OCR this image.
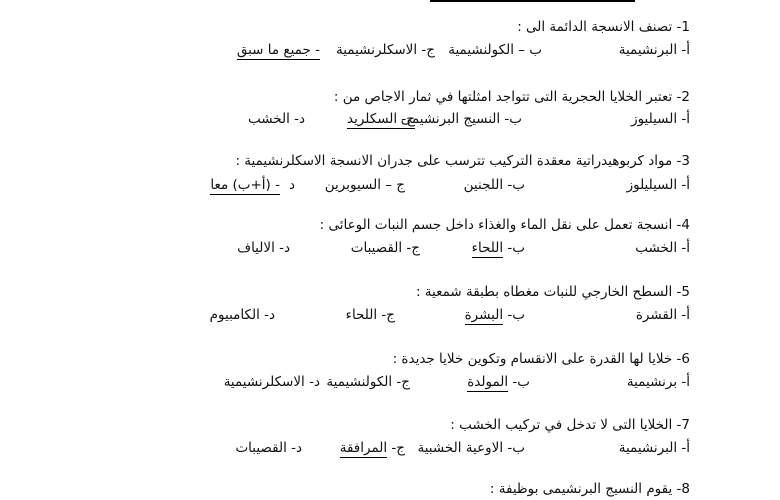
1- تصنف الانسجة الدائمة الى :
أ- البرنشيمية
ب – الكولنشيمية
ج- الاسكلرنشيمية
- جميع ما سبق
2- تعتبر الخلايا الحجرية التى تتواجد امثلتها في ثمار الاجاص من :
أ- السيليوز
ب- النسيج البرنشيمى
ج- السكلريد
د- الخشب
3- مواد كربوهيدراتية معقدة التركيب تترسب على جدران الانسجة الاسكلرنشيمية :
أ- السيليلوز
ب- اللجنين
ج – السيوبرين
د
- (أ+ب) معا
4- انسجة تعمل على نقل الماء والغذاء داخل جسم النبات الوعائى :
أ- الخشب
ب- اللحاء
ج- القصيبات
د- الالياف
5- السطح الخارجي للنبات مغطاه بطبقة شمعية :
أ- القشرة
ب- البشرة
ج- اللحاء
د- الكامبيوم
6- خلايا لها القدرة على الانقسام وتكوين خلايا جديدة :
أ- برنشيمية
ب- المولدة
ج- الكولنشيمية
د- الاسكلرنشيمية
7- الخلايا التى لا تدخل في تركيب الخشب :
أ- البرنشيمية
ب- الاوعية الخشبية
ج- المرافقة
د- القصيبات
8- يقوم النسيج البرنشيمى بوظيفة :
